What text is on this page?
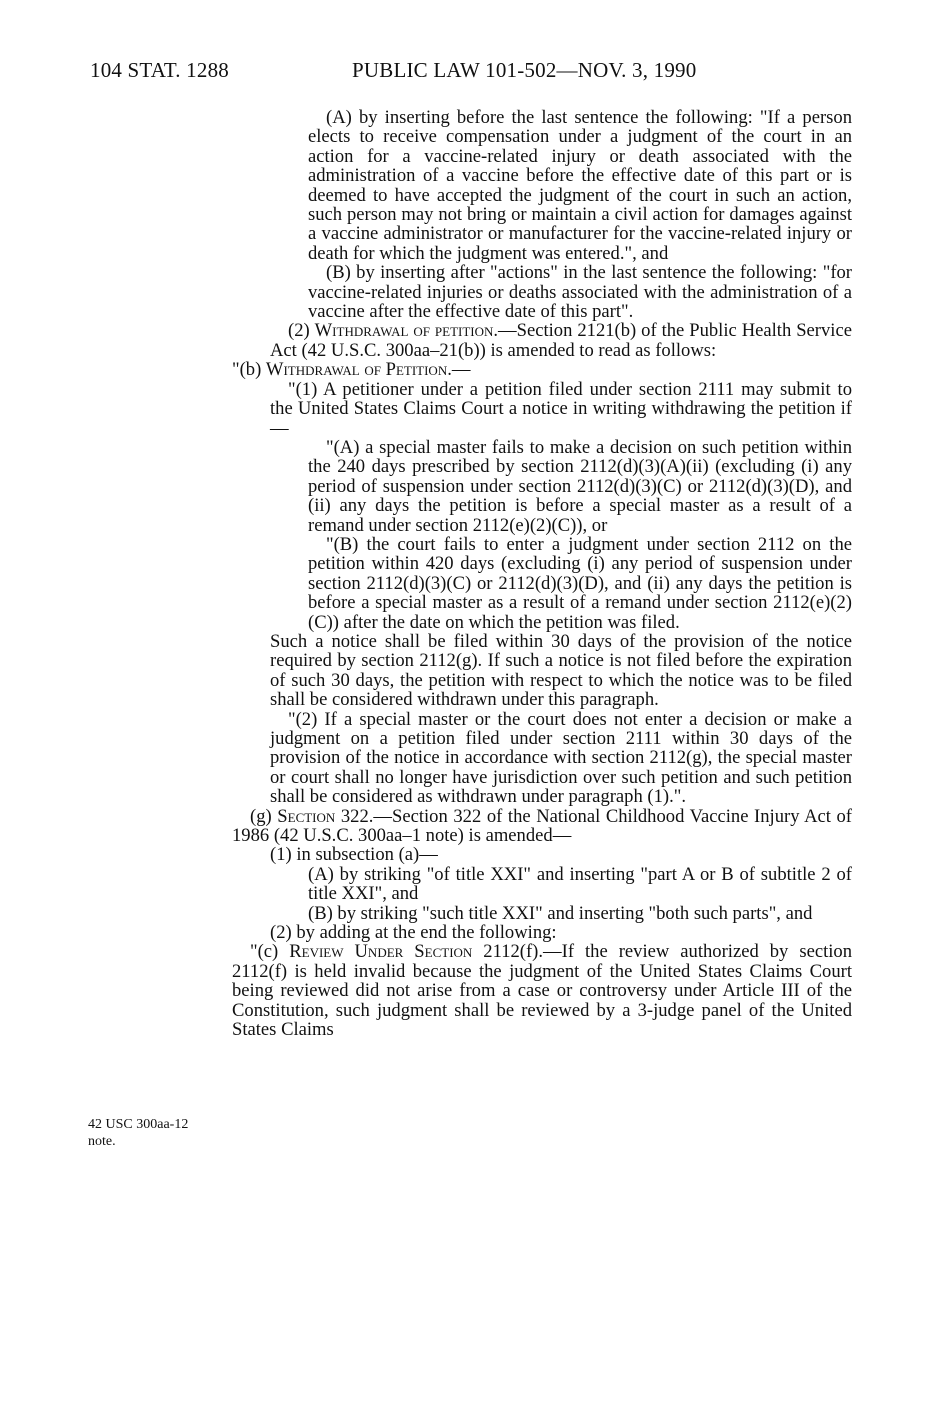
104 STAT. 1288	PUBLIC LAW 101-502—NOV. 3, 1990

(A) by inserting before the last sentence the following: "If a person elects to receive compensation under a judgment of the court in an action for a vaccine-related injury or death associated with the administration of a vaccine before the effective date of this part or is deemed to have accepted the judgment of the court in such an action, such person may not bring or maintain a civil action for damages against a vaccine administrator or manufacturer for the vaccine-related injury or death for which the judgment was entered.", and

(B) by inserting after "actions" in the last sentence the following: "for vaccine-related injuries or deaths associated with the administration of a vaccine after the effective date of this part".

(2) Withdrawal of petition.—Section 2121(b) of the Public Health Service Act (42 U.S.C. 300aa–21(b)) is amended to read as follows:

"(b) Withdrawal of Petition.—

"(1) A petitioner under a petition filed under section 2111 may submit to the United States Claims Court a notice in writing withdrawing the petition if—

"(A) a special master fails to make a decision on such petition within the 240 days prescribed by section 2112(d)(3)(A)(ii) (excluding (i) any period of suspension under section 2112(d)(3)(C) or 2112(d)(3)(D), and (ii) any days the petition is before a special master as a result of a remand under section 2112(e)(2)(C)), or

"(B) the court fails to enter a judgment under section 2112 on the petition within 420 days (excluding (i) any period of suspension under section 2112(d)(3)(C) or 2112(d)(3)(D), and (ii) any days the petition is before a special master as a result of a remand under section 2112(e)(2)(C)) after the date on which the petition was filed.

Such a notice shall be filed within 30 days of the provision of the notice required by section 2112(g). If such a notice is not filed before the expiration of such 30 days, the petition with respect to which the notice was to be filed shall be considered withdrawn under this paragraph.

"(2) If a special master or the court does not enter a decision or make a judgment on a petition filed under section 2111 within 30 days of the provision of the notice in accordance with section 2112(g), the special master or court shall no longer have jurisdiction over such petition and such petition shall be considered as withdrawn under paragraph (1).".

(g) Section 322.—Section 322 of the National Childhood Vaccine Injury Act of 1986 (42 U.S.C. 300aa–1 note) is amended—

(1) in subsection (a)—

(A) by striking "of title XXI" and inserting "part A or B of subtitle 2 of title XXI", and

(B) by striking "such title XXI" and inserting "both such parts", and

(2) by adding at the end the following:

"(c) Review Under Section 2112(f).—If the review authorized by section 2112(f) is held invalid because the judgment of the United States Claims Court being reviewed did not arise from a case or controversy under Article III of the Constitution, such judgment shall be reviewed by a 3-judge panel of the United States Claims

42 USC 300aa-12 note.
